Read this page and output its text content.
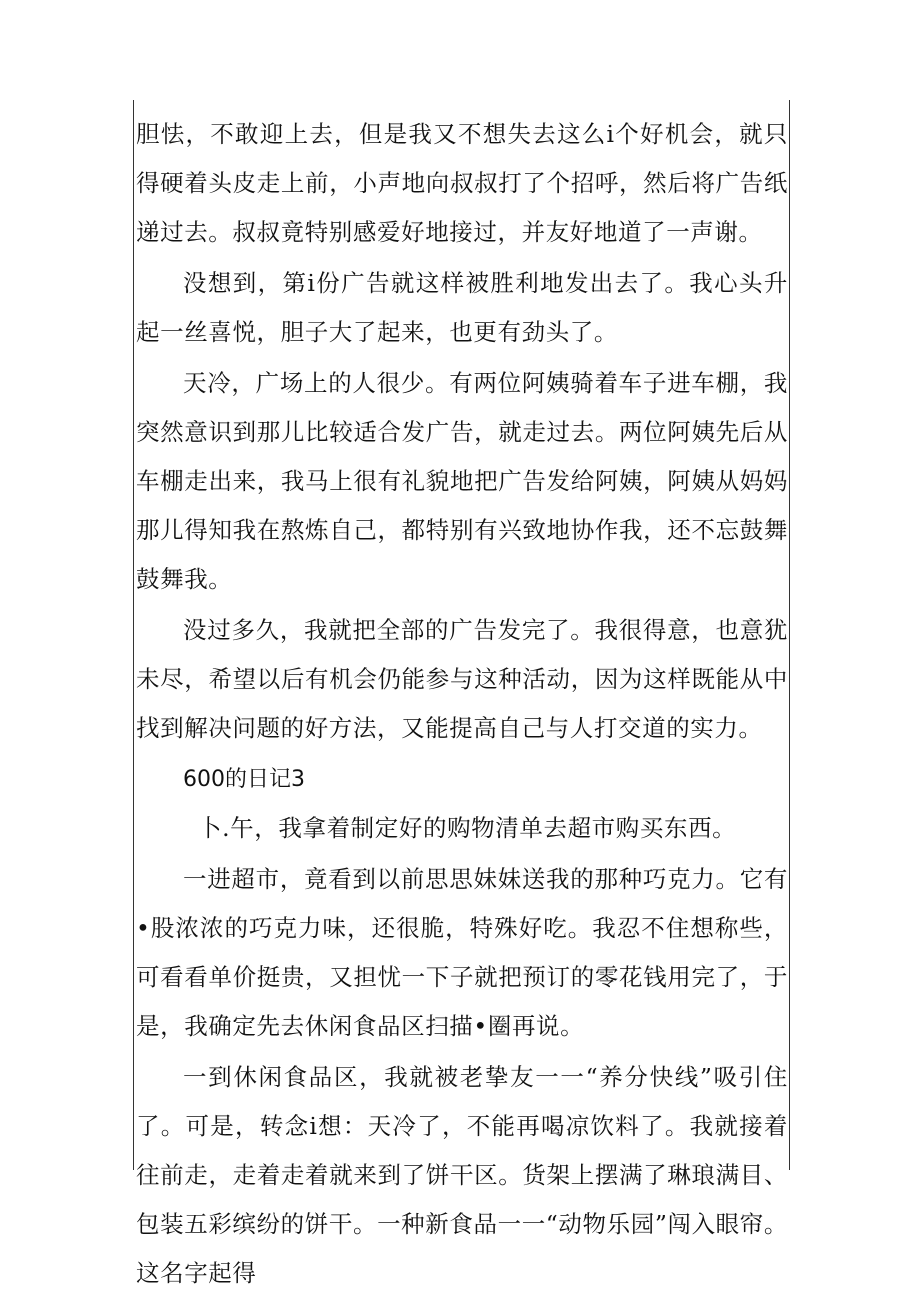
胆怯，不敢迎上去，但是我又不想失去这么i个好机会，就只得硬着头皮走上前，小声地向叔叔打了个招呼，然后将广告纸递过去。叔叔竟特别感爱好地接过，并友好地道了一声谢。

没想到，第i份广告就这样被胜利地发出去了。我心头升起一丝喜悦，胆子大了起来，也更有劲头了。

天冷，广场上的人很少。有两位阿姨骑着车子进车棚，我突然意识到那儿比较适合发广告，就走过去。两位阿姨先后从车棚走出来，我马上很有礼貌地把广告发给阿姨，阿姨从妈妈那儿得知我在熬炼自己，都特别有兴致地协作我，还不忘鼓舞鼓舞我。

没过多久，我就把全部的广告发完了。我很得意，也意犹未尽，希望以后有机会仍能参与这种活动，因为这样既能从中找到解决问题的好方法，又能提高自己与人打交道的实力。

600的日记3

卜.午，我拿着制定好的购物清单去超市购买东西。

一进超市，竟看到以前思思妹妹送我的那种巧克力。它有•股浓浓的巧克力味，还很脆，特殊好吃。我忍不住想称些，可看看单价挺贵，又担忧一下子就把预订的零花钱用完了，于是，我确定先去休闲食品区扫描•圈再说。

一到休闲食品区，我就被老挚友一一“养分快线”吸引住了。可是，转念i想：天冷了，不能再喝凉饮料了。我就接着往前走，走着走着就来到了饼干区。货架上摆满了琳琅满目、包装五彩缤纷的饼干。一种新食品一一“动物乐园”闯入眼帘。这名字起得
